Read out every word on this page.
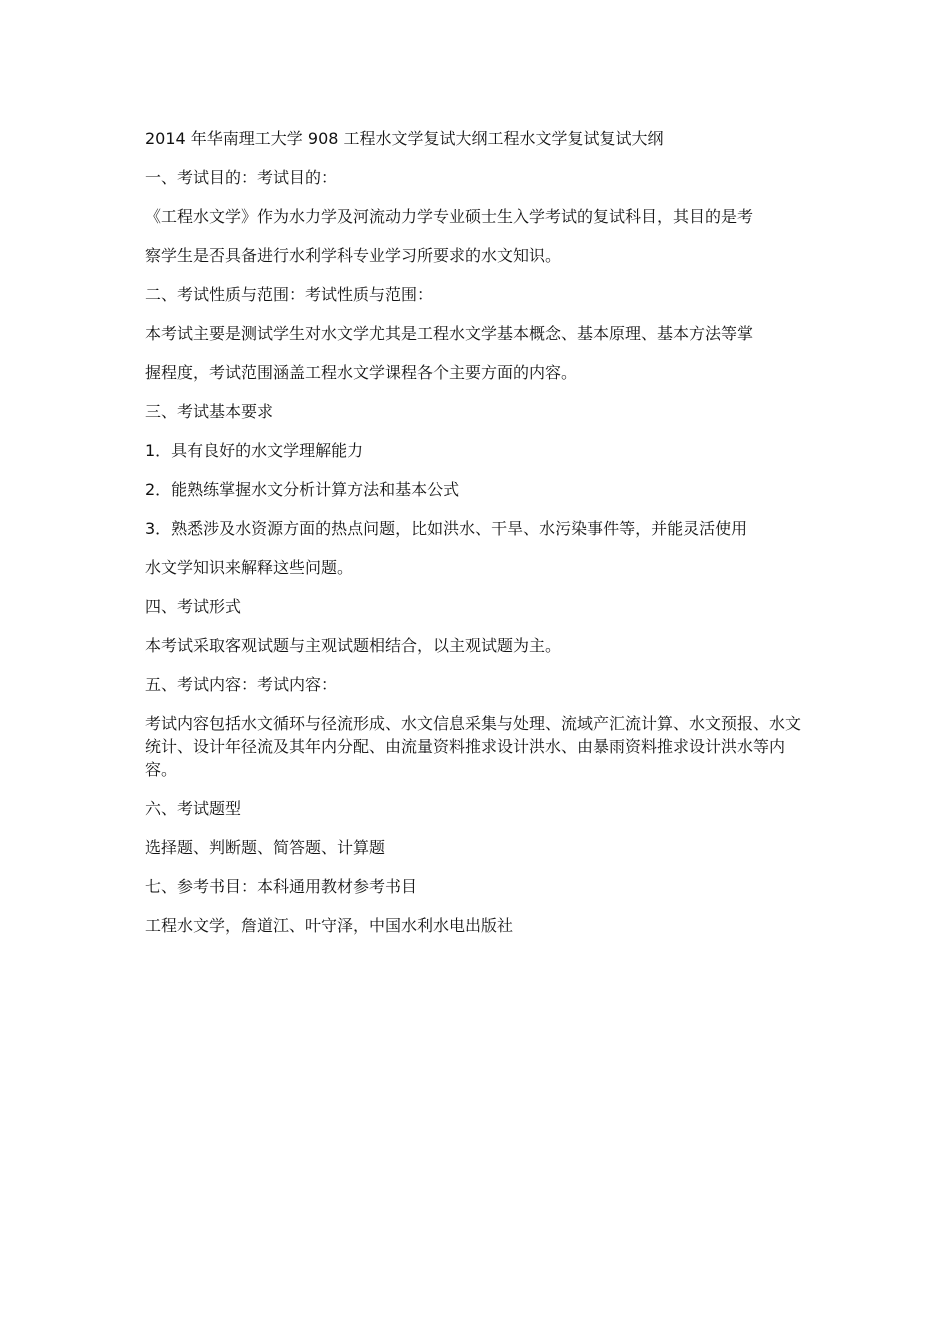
2014 年华南理工大学 908 工程水文学复试大纲工程水文学复试复试大纲

一、考试目的：考试目的：

《工程水文学》作为水力学及河流动力学专业硕士生入学考试的复试科目，其目的是考

察学生是否具备进行水利学科专业学习所要求的水文知识。

二、考试性质与范围：考试性质与范围：

本考试主要是测试学生对水文学尤其是工程水文学基本概念、基本原理、基本方法等掌

握程度，考试范围涵盖工程水文学课程各个主要方面的内容。

三、考试基本要求

1．具有良好的水文学理解能力

2．能熟练掌握水文分析计算方法和基本公式

3．熟悉涉及水资源方面的热点问题，比如洪水、干旱、水污染事件等，并能灵活使用

水文学知识来解释这些问题。

四、考试形式

本考试采取客观试题与主观试题相结合，以主观试题为主。

五、考试内容：考试内容：

考试内容包括水文循环与径流形成、水文信息采集与处理、流域产汇流计算、水文预报、水文统计、设计年径流及其年内分配、由流量资料推求设计洪水、由暴雨资料推求设计洪水等内容。

六、考试题型

选择题、判断题、简答题、计算题

七、参考书目：本科通用教材参考书目

工程水文学，詹道江、叶守泽，中国水利水电出版社
